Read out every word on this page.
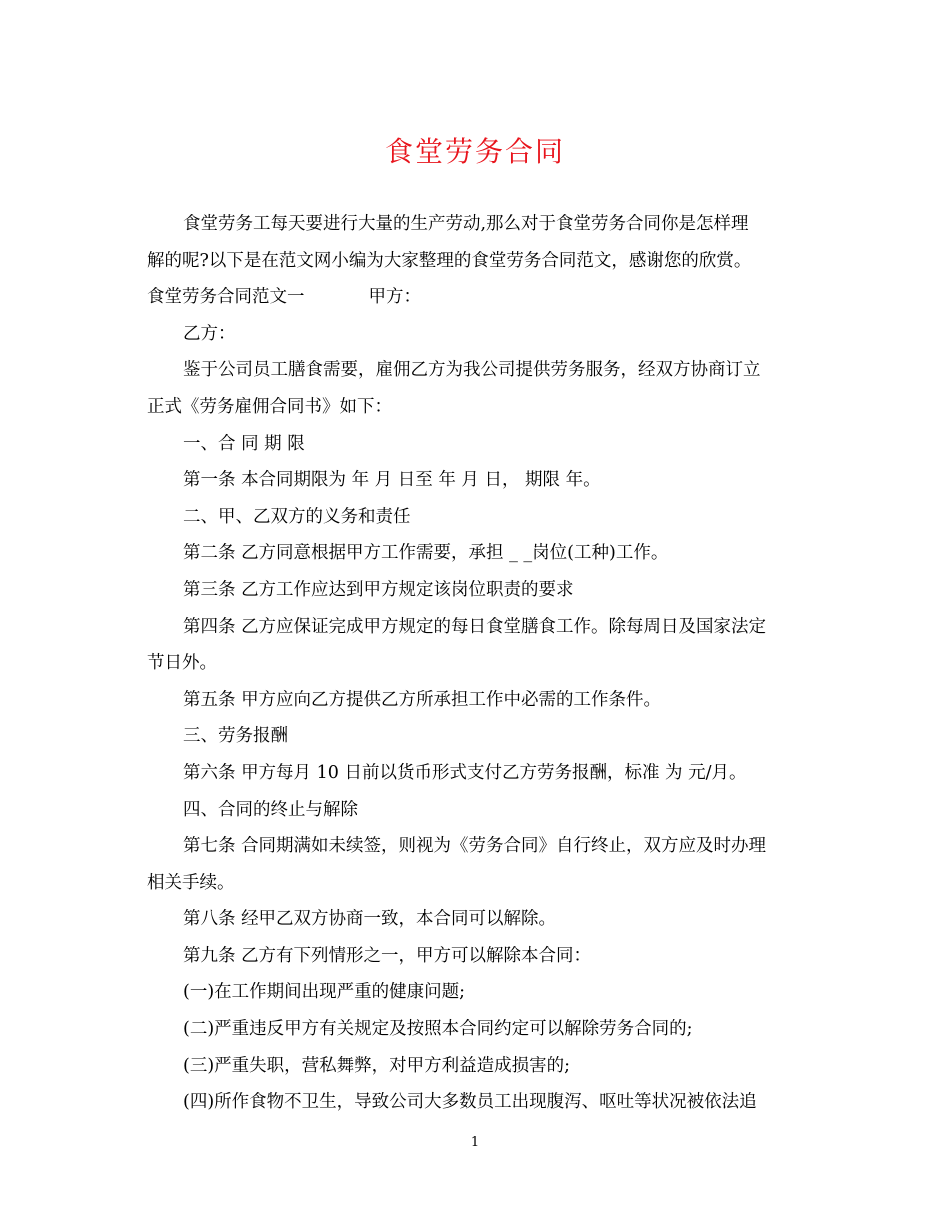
食堂劳务合同
食堂劳务工每天要进行大量的生产劳动,那么对于食堂劳务合同你是怎样理
解的呢?以下是在范文网小编为大家整理的食堂劳务合同范文，感谢您的欣赏。
食堂劳务合同范文一	甲方：
乙方：
鉴于公司员工膳食需要，雇佣乙方为我公司提供劳务服务，经双方协商订立
正式《劳务雇佣合同书》如下：
一、合 同 期 限
第一条 本合同期限为 年 月 日至 年 月 日， 期限 年。
二、甲、乙双方的义务和责任
第二条 乙方同意根据甲方工作需要，承担 _ _岗位(工种)工作。
第三条 乙方工作应达到甲方规定该岗位职责的要求
第四条 乙方应保证完成甲方规定的每日食堂膳食工作。除每周日及国家法定
节日外。
第五条 甲方应向乙方提供乙方所承担工作中必需的工作条件。
三、劳务报酬
第六条 甲方每月 10 日前以货币形式支付乙方劳务报酬，标准 为 元/月。
四、合同的终止与解除
第七条 合同期满如未续签，则视为《劳务合同》自行终止，双方应及时办理
相关手续。
第八条 经甲乙双方协商一致，本合同可以解除。
第九条 乙方有下列情形之一，甲方可以解除本合同：
(一)在工作期间出现严重的健康问题;
(二)严重违反甲方有关规定及按照本合同约定可以解除劳务合同的;
(三)严重失职，营私舞弊，对甲方利益造成损害的;
(四)所作食物不卫生，导致公司大多数员工出现腹泻、呕吐等状况被依法追
1
